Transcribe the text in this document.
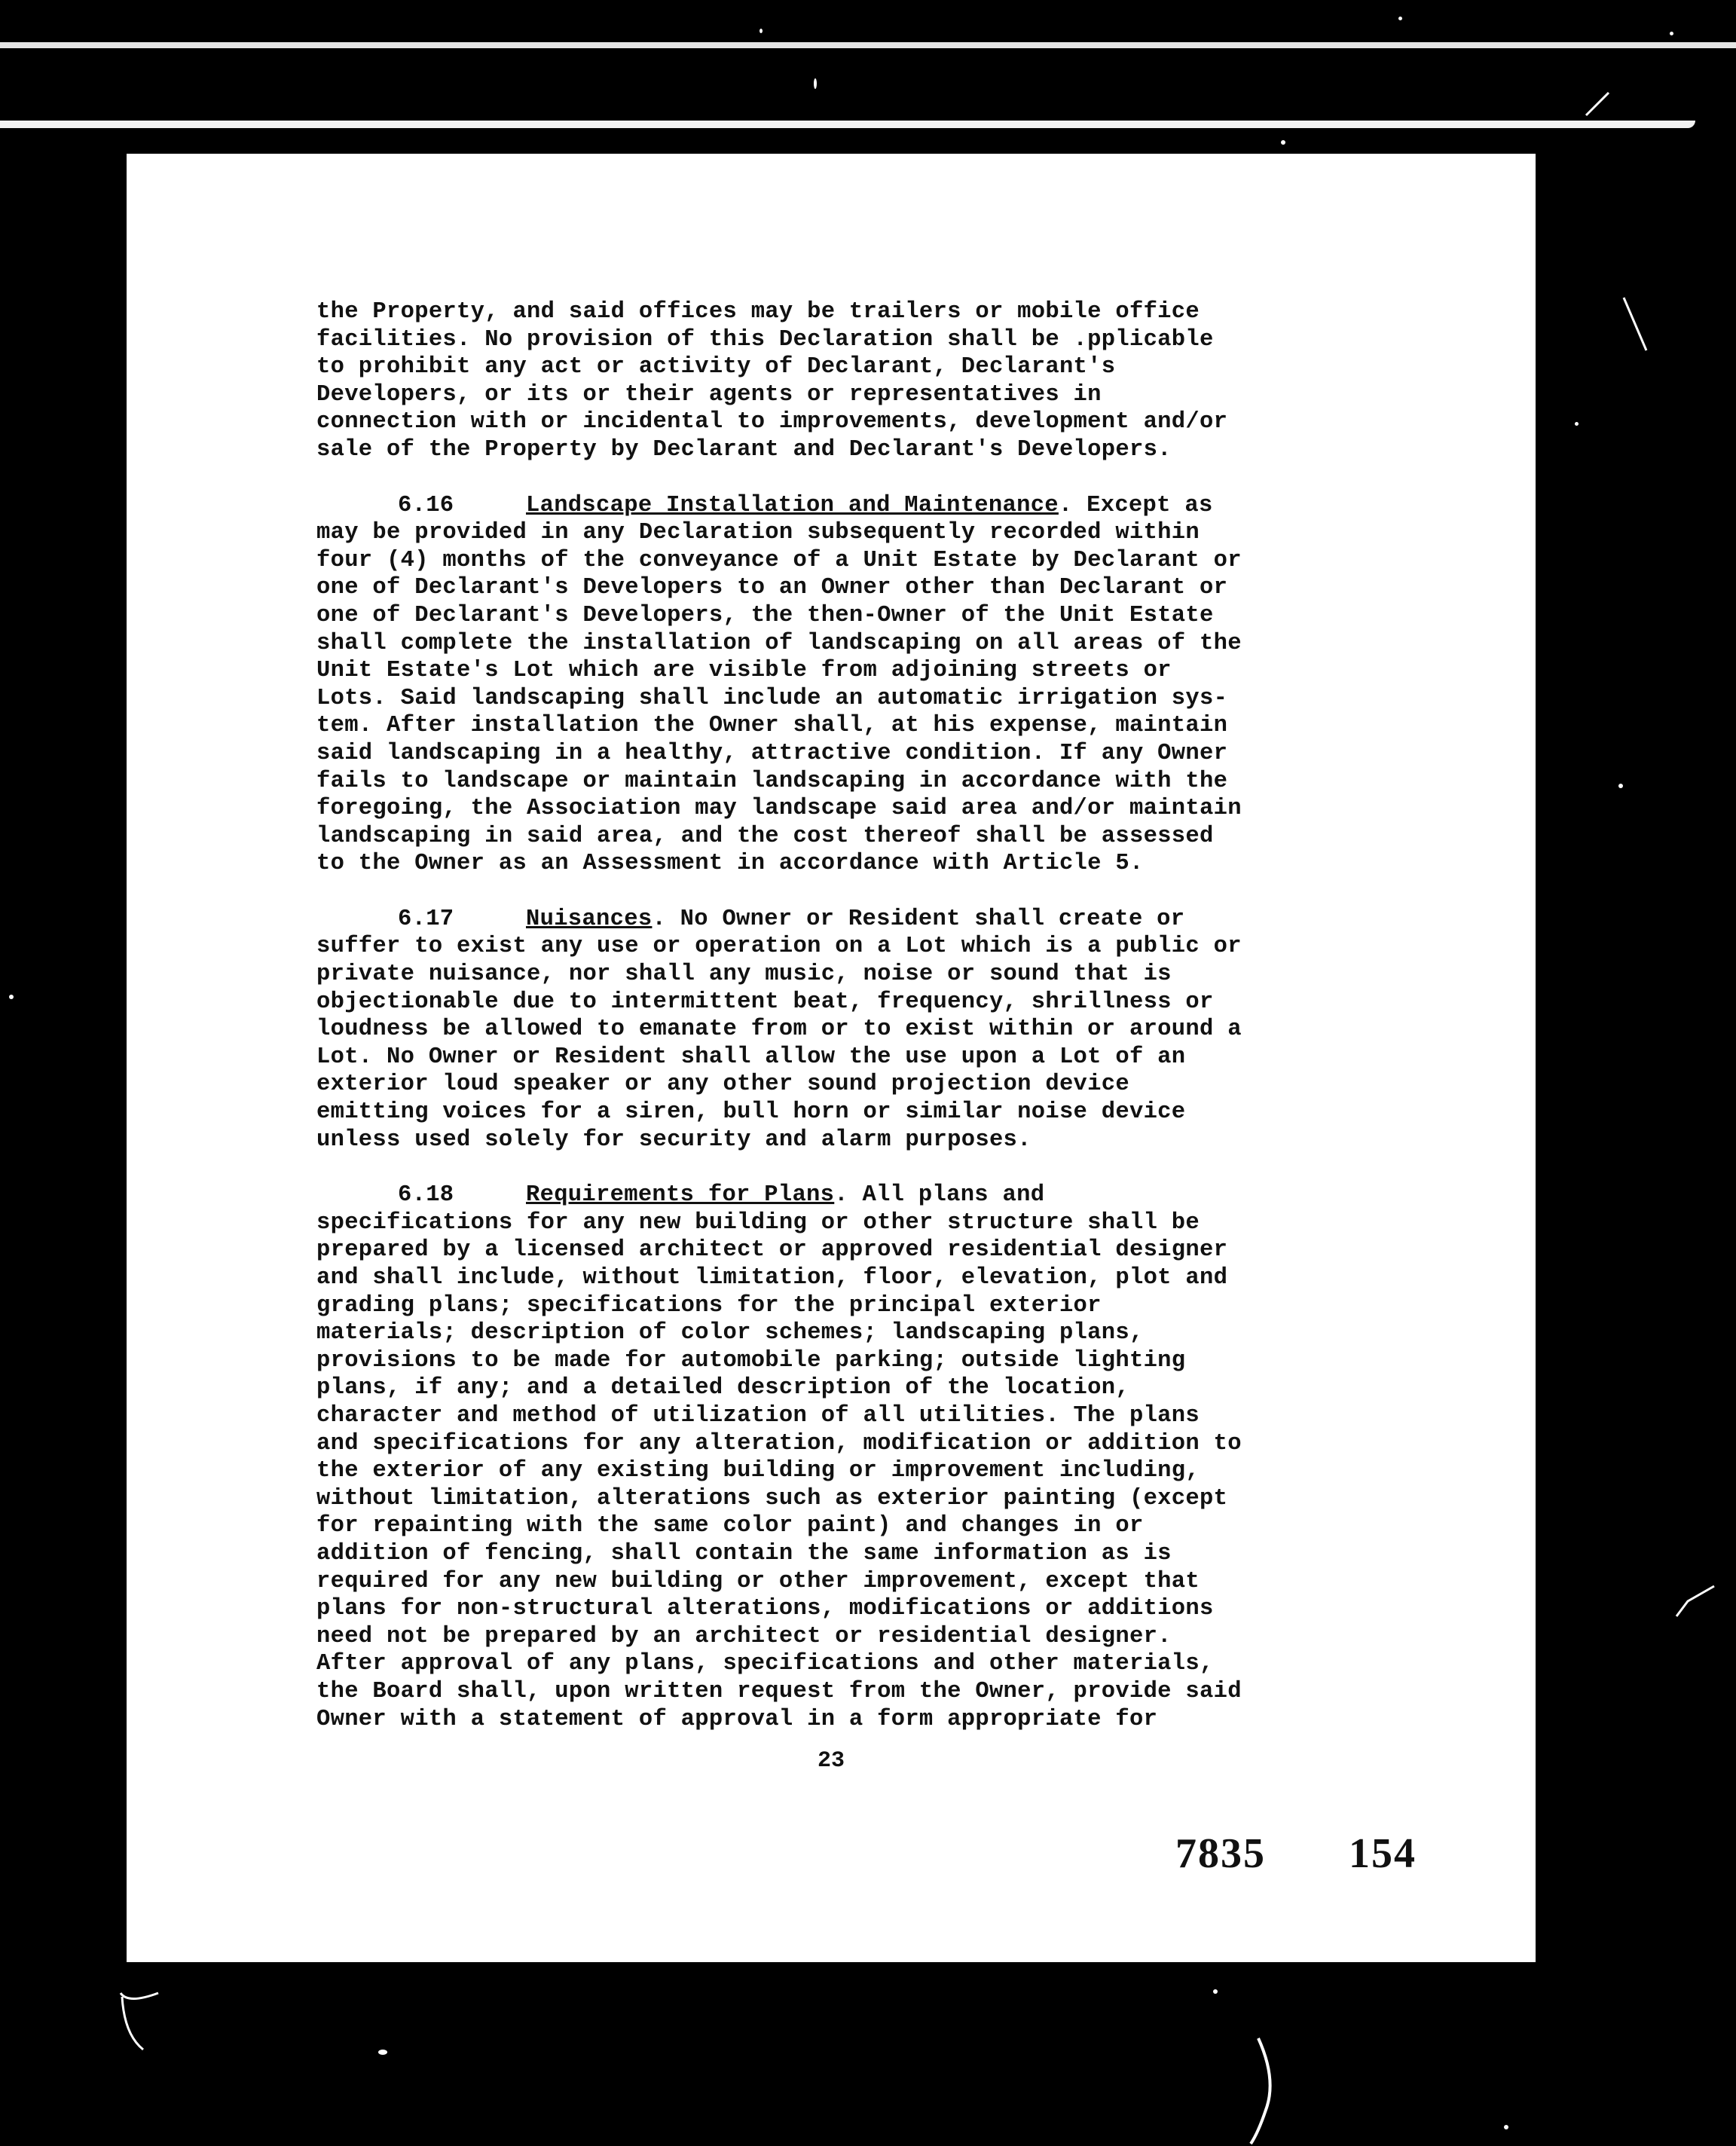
the Property, and said offices may be trailers or mobile office
facilities. No provision of this Declaration shall be .pplicable
to prohibit any act or activity of Declarant, Declarant's
Developers, or its or their agents or representatives in
connection with or incidental to improvements, development and/or
sale of the Property by Declarant and Declarant's Developers.

6.16	Landscape Installation and Maintenance. Except as
may be provided in any Declaration subsequently recorded within
four (4) months of the conveyance of a Unit Estate by Declarant or
one of Declarant's Developers to an Owner other than Declarant or
one of Declarant's Developers, the then-Owner of the Unit Estate
shall complete the installation of landscaping on all areas of the
Unit Estate's Lot which are visible from adjoining streets or
Lots. Said landscaping shall include an automatic irrigation sys-
tem. After installation the Owner shall, at his expense, maintain
said landscaping in a healthy, attractive condition. If any Owner
fails to landscape or maintain landscaping in accordance with the
foregoing, the Association may landscape said area and/or maintain
landscaping in said area, and the cost thereof shall be assessed
to the Owner as an Assessment in accordance with Article 5.

6.17	Nuisances. No Owner or Resident shall create or
suffer to exist any use or operation on a Lot which is a public or
private nuisance, nor shall any music, noise or sound that is
objectionable due to intermittent beat, frequency, shrillness or
loudness be allowed to emanate from or to exist within or around a
Lot. No Owner or Resident shall allow the use upon a Lot of an
exterior loud speaker or any other sound projection device
emitting voices for a siren, bull horn or similar noise device
unless used solely for security and alarm purposes.

6.18	Requirements for Plans. All plans and
specifications for any new building or other structure shall be
prepared by a licensed architect or approved residential designer
and shall include, without limitation, floor, elevation, plot and
grading plans; specifications for the principal exterior
materials; description of color schemes; landscaping plans,
provisions to be made for automobile parking; outside lighting
plans, if any; and a detailed description of the location,
character and method of utilization of all utilities. The plans
and specifications for any alteration, modification or addition to
the exterior of any existing building or improvement including,
without limitation, alterations such as exterior painting (except
for repainting with the same color paint) and changes in or
addition of fencing, shall contain the same information as is
required for any new building or other improvement, except that
plans for non-structural alterations, modifications or additions
need not be prepared by an architect or residential designer.
After approval of any plans, specifications and other materials,
the Board shall, upon written request from the Owner, provide said
Owner with a statement of approval in a form appropriate for

23
7835 154
